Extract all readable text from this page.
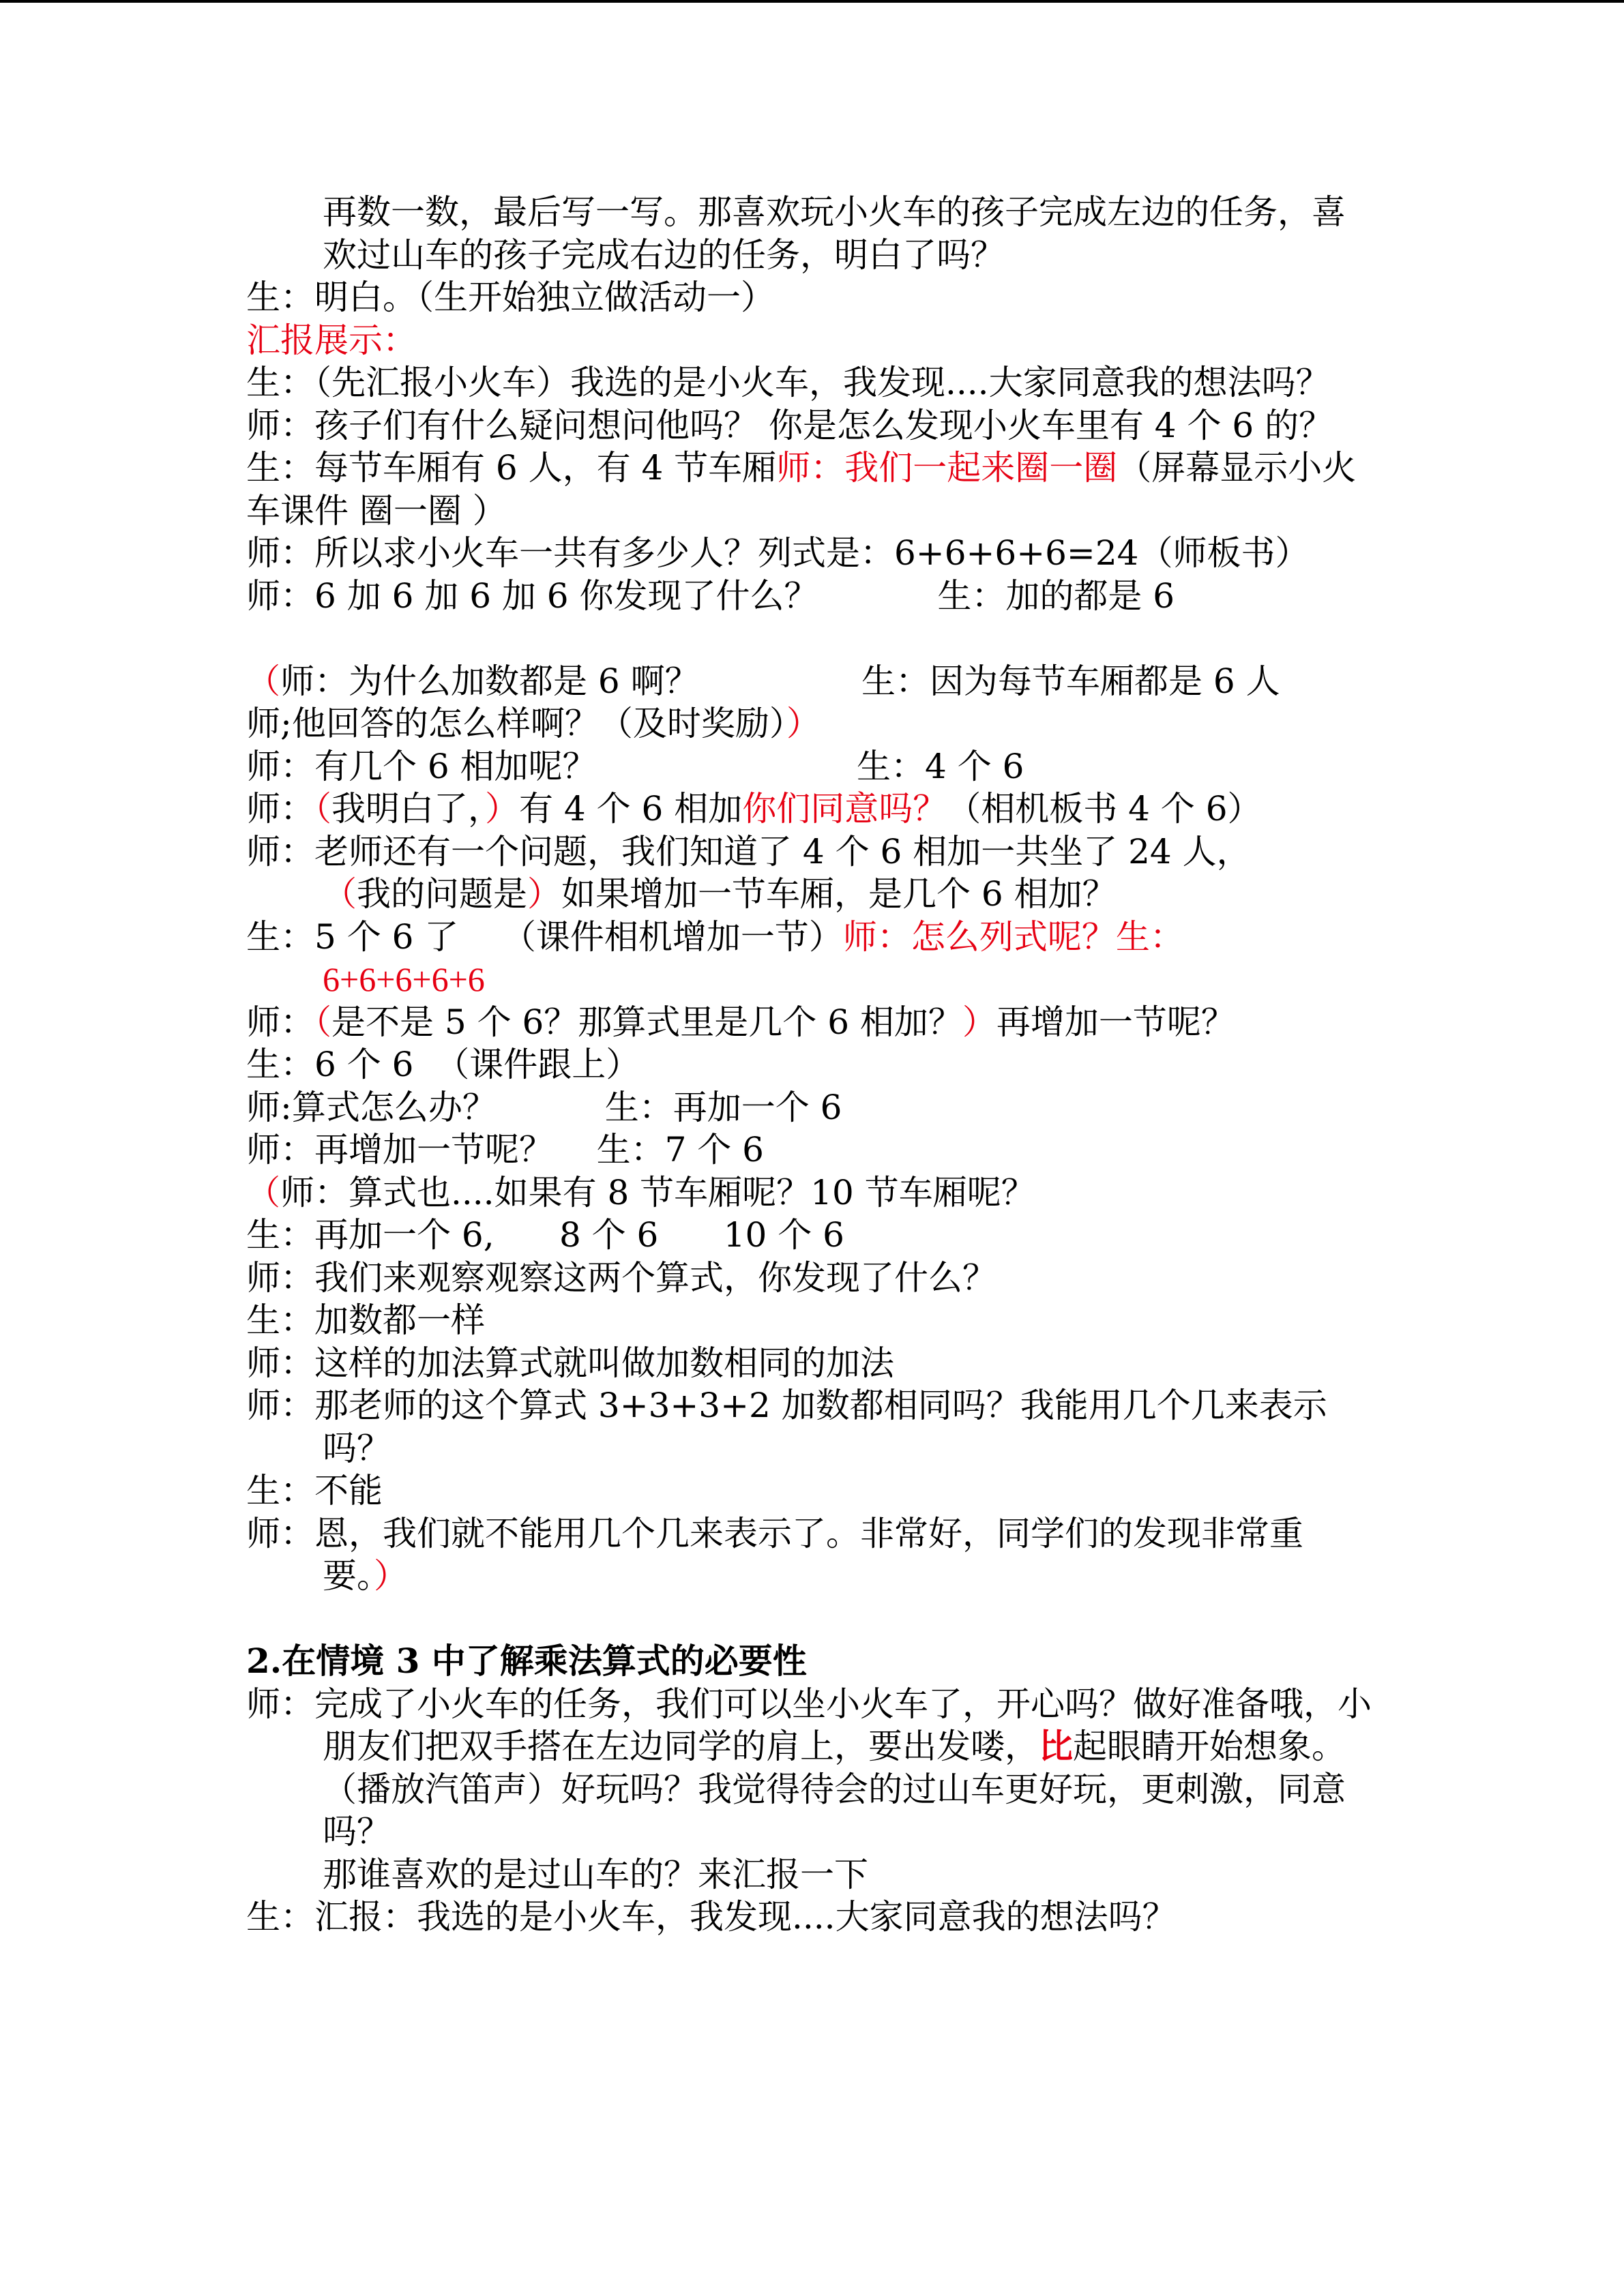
再数一数，最后写一写。那喜欢玩小火车的孩子完成左边的任务，喜欢过山车的孩子完成右边的任务，明白了吗？
生：明白。（生开始独立做活动一）
汇报展示：
生：（先汇报小火车）我选的是小火车，我发现....大家同意我的想法吗？
师：孩子们有什么疑问想问他吗？ 你是怎么发现小火车里有 4 个 6 的？
生：每节车厢有 6 人，有 4 节车厢师：我们一起来圈一圈（屏幕显示小火车课件 圈一圈 ）
师：所以求小火车一共有多少人？列式是：6+6+6+6=24（师板书）
师：6 加 6 加 6 加 6 你发现了什么？           生：加的都是 6
（师：为什么加数都是 6 啊？               生：因为每节车厢都是 6 人
师;他回答的怎么样啊？（及时奖励））
师：有几个 6 相加呢？                        生：4 个 6
师：（我明白了，）有 4 个 6 相加你们同意吗？（相机板书 4 个 6）
师：老师还有一个问题，我们知道了 4 个 6 相加一共坐了 24 人，
（我的问题是）如果增加一节车厢，是几个 6 相加？
生：5 个 6 了    （课件相机增加一节）师：怎么列式呢？生：
6+6+6+6+6
师：（是不是 5 个 6？那算式里是几个 6 相加？）再增加一节呢？
生：6 个 6  （课件跟上）
师:算式怎么办？          生：再加一个 6
师：再增加一节呢？    生：7 个 6
（师：算式也....如果有 8 节车厢呢？10 节车厢呢？
生：再加一个 6,      8 个 6      10 个 6
师：我们来观察观察这两个算式，你发现了什么？
生：加数都一样
师：这样的加法算式就叫做加数相同的加法
师：那老师的这个算式 3+3+3+2 加数都相同吗？我能用几个几来表示吗？
生：不能
师：恩，我们就不能用几个几来表示了。非常好，同学们的发现非常重要。）
2.在情境 3 中了解乘法算式的必要性
师：完成了小火车的任务，我们可以坐小火车了，开心吗？做好准备哦，小朋友们把双手搭在左边同学的肩上，要出发喽，比起眼睛开始想象。（播放汽笛声）好玩吗？我觉得待会的过山车更好玩，更刺激，同意吗？
那谁喜欢的是过山车的？来汇报一下
生：汇报：我选的是小火车，我发现....大家同意我的想法吗？
